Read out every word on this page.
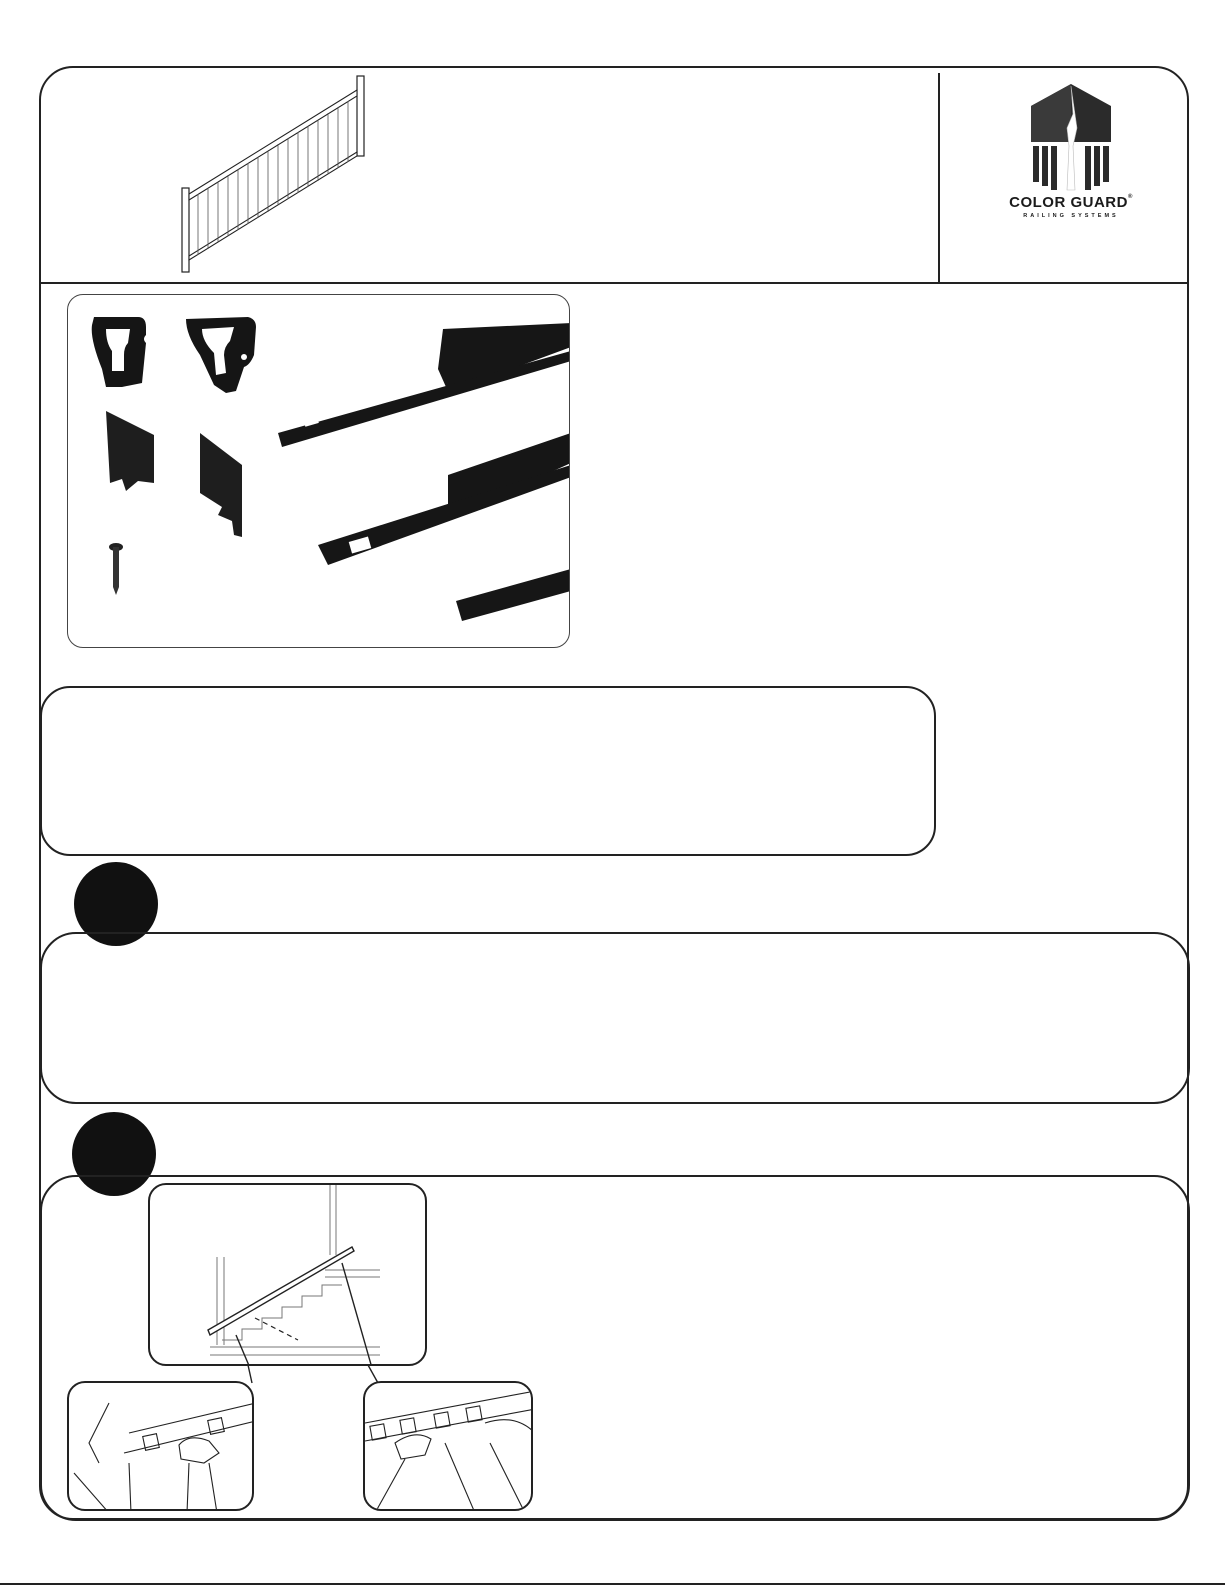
COLOR GUARD®
RAILING SYSTEMS
